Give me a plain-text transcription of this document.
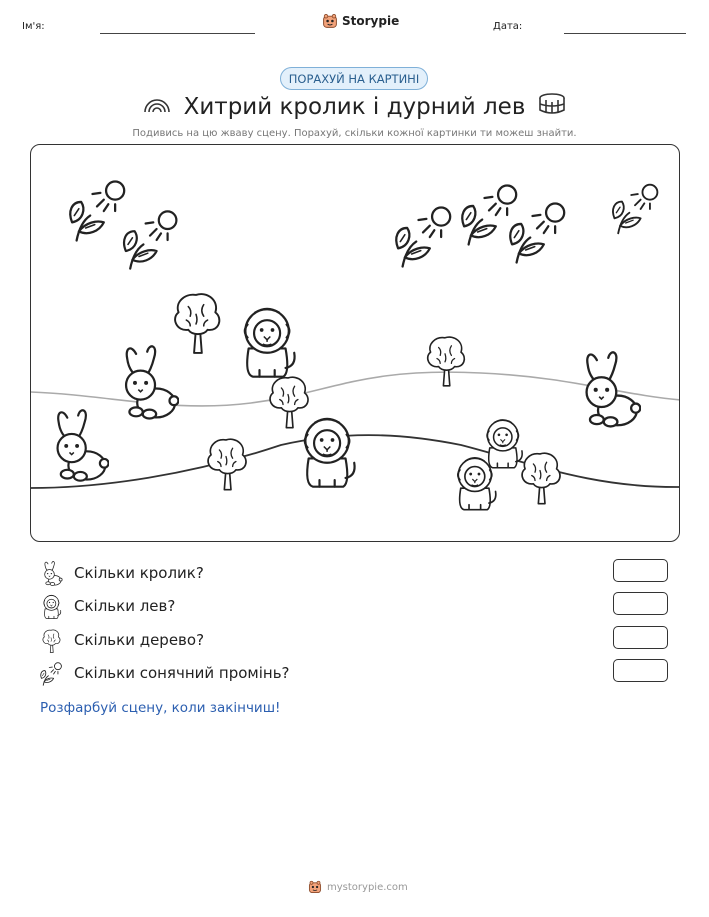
Ім'я:	Storypie	Дата:
ПОРАХУЙ НА КАРТИНІ
Хитрий кролик і дурний лев
Подивись на цю жваву сцену. Порахуй, скільки кожної картинки ти можеш знайти.
Скільки кролик?
Скільки лев?
Скільки дерево?
Скільки сонячний промінь?
Розфарбуй сцену, коли закінчиш!
mystorypie.com
